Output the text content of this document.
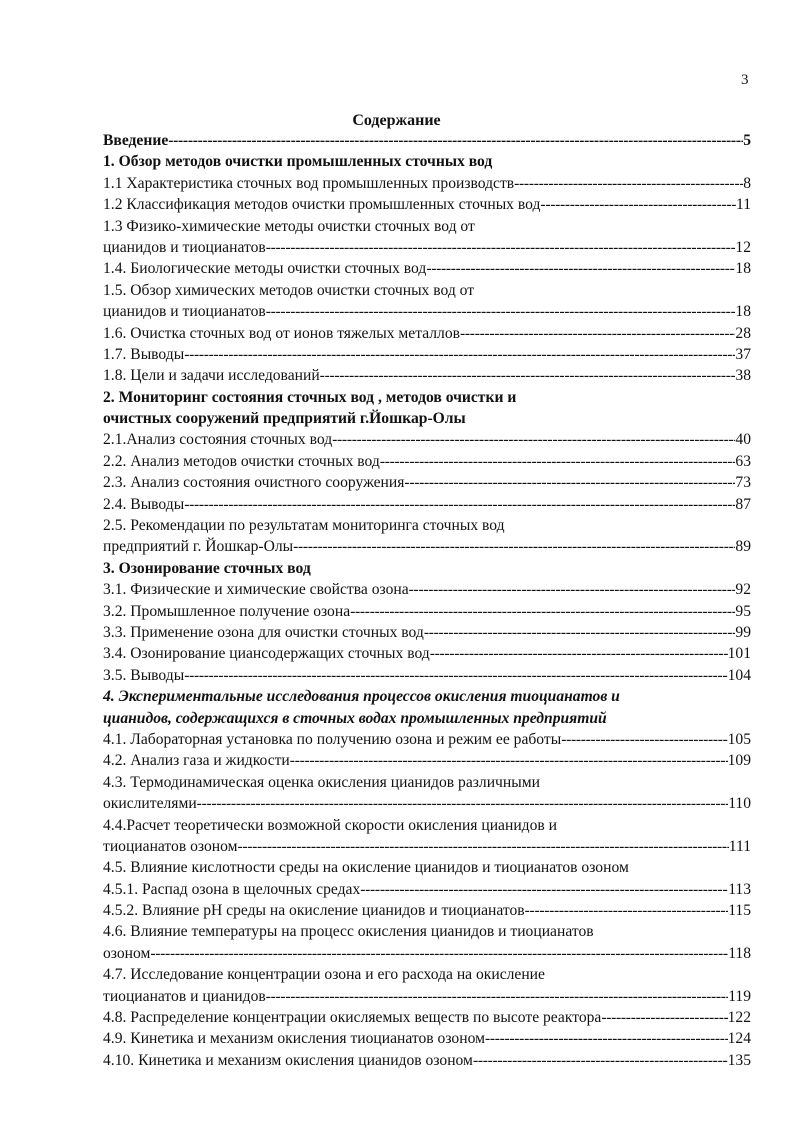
3
Содержание
Введение -----	5
1. Обзор методов очистки промышленных сточных вод
1.1 Характеристика сточных вод промышленных производств -----	8
1.2 Классификация методов очистки промышленных сточных вод -----	11
1.3 Физико-химические методы очистки сточных вод от
цианидов и тиоцианатов -----	12
1.4. Биологические методы очистки сточных вод -----	18
1.5. Обзор химических методов очистки сточных вод от
цианидов и тиоцианатов -----	18
1.6. Очистка сточных вод от ионов тяжелых металлов -----	28
1.7. Выводы -----	37
1.8. Цели и задачи исследований -----	38
2. Мониторинг состояния сточных вод , методов очистки и
очистных сооружений предприятий г.Йошкар-Олы
2.1.Анализ состояния сточных вод -----	40
2.2. Анализ методов очистки сточных вод -----	63
2.3. Анализ состояния очистного сооружения -----	73
2.4. Выводы -----	87
2.5. Рекомендации по результатам мониторинга сточных вод
предприятий г. Йошкар-Олы -----	89
3. Озонирование сточных вод
3.1. Физические и химические свойства озона -----	92
3.2. Промышленное получение озона -----	95
3.3. Применение озона для очистки сточных вод -----	99
3.4. Озонирование циансодержащих сточных вод -----	101
3.5. Выводы -----	104
4. Экспериментальные исследования процессов окисления тиоцианатов и
цианидов, содержащихся в сточных водах промышленных предприятий
4.1. Лабораторная установка по получению озона и режим ее работы -----	105
4.2. Анализ газа и жидкости -----	109
4.3. Термодинамическая оценка окисления цианидов различными
окислителями -----	110
4.4.Расчет теоретически возможной скорости окисления цианидов и
тиоцианатов озоном -----	111
4.5. Влияние кислотности среды на окисление цианидов и тиоцианатов озоном
4.5.1. Распад озона в щелочных средах -----	113
4.5.2. Влияние pH среды на окисление цианидов и тиоцианатов -----	115
4.6. Влияние температуры на процесс окисления цианидов и тиоцианатов
озоном -----	118
4.7. Исследование концентрации озона и его расхода на окисление
тиоцианатов и цианидов -----	119
4.8. Распределение концентрации окисляемых веществ по высоте реактора -----	122
4.9. Кинетика и механизм окисления тиоцианатов озоном -----	124
4.10. Кинетика и механизм окисления цианидов озоном -----	135
